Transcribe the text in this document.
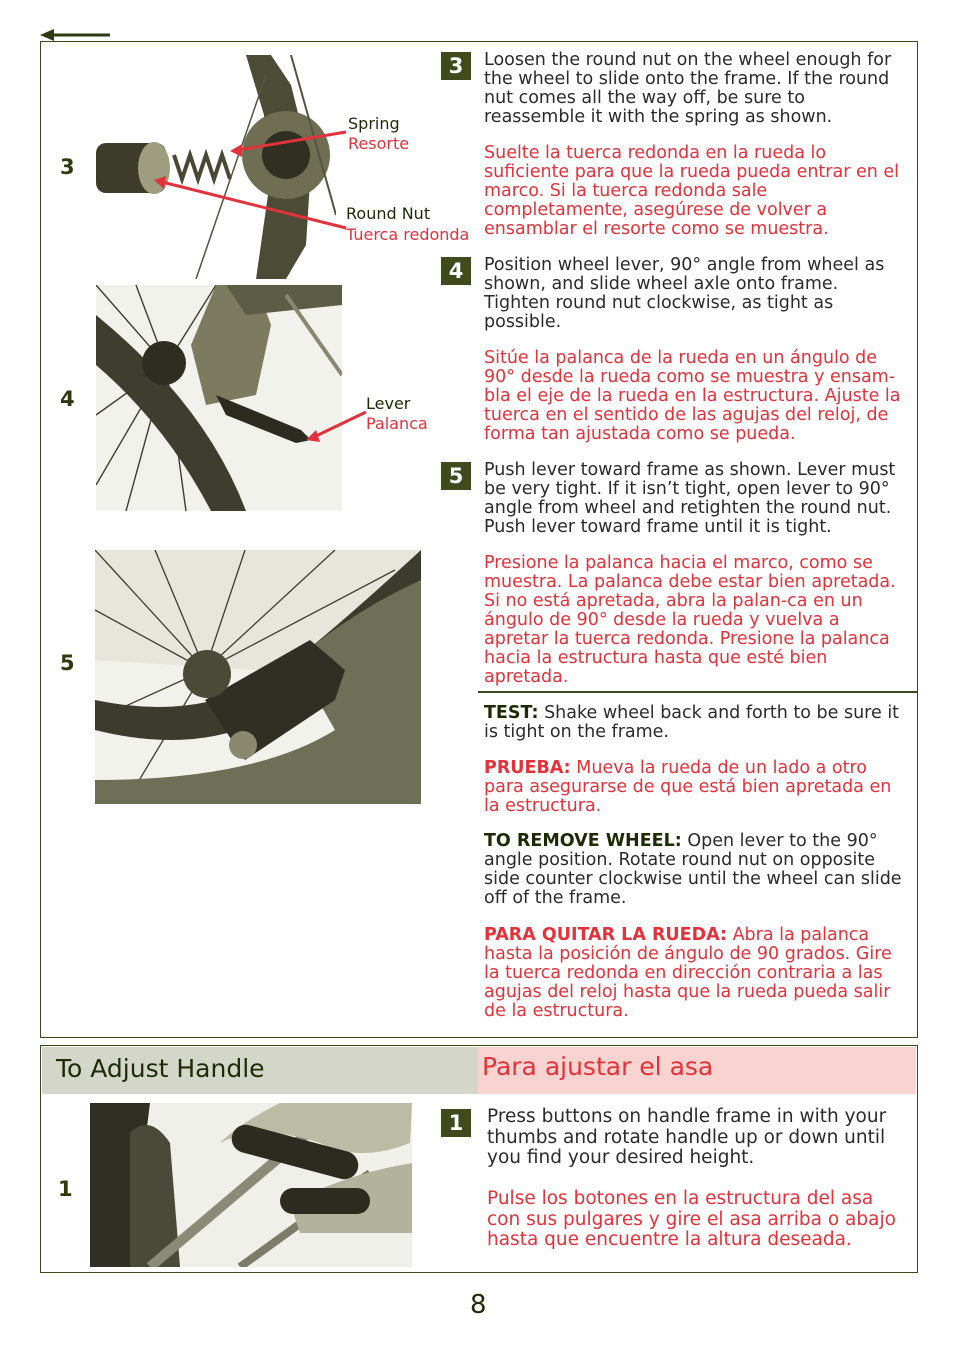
3
4
5
Spring
Resorte
Round Nut
Tuerca redonda
Lever
Palanca
3
4
5
Loosen the round nut on the wheel enough for the wheel to slide onto the frame. If the round nut comes all the way off, be sure to reassemble it with the spring as shown.
Suelte la tuerca redonda en la rueda lo suficiente para que la rueda pueda entrar en el marco. Si la tuerca redonda sale completamente, asegúrese de volver a ensamblar el resorte como se muestra.
Position wheel lever, 90° angle from wheel as shown, and slide wheel axle onto frame. Tighten round nut clockwise, as tight as possible.
Sitúe la palanca de la rueda en un ángulo de 90° desde la rueda como se muestra y ensam-bla el eje de la rueda en la estructura. Ajuste la tuerca en el sentido de las agujas del reloj, de forma tan ajustada como se pueda.
Push lever toward frame as shown. Lever must be very tight. If it isn’t tight, open lever to 90° angle from wheel and retighten the round nut. Push lever toward frame until it is tight.
Presione la palanca hacia el marco, como se muestra. La palanca debe estar bien apretada. Si no está apretada, abra la palan-ca en un ángulo de 90° desde la rueda y vuelva a apretar la tuerca redonda. Presione la palanca hacia la estructura hasta que esté bien apretada.
TEST: Shake wheel back and forth to be sure it is tight on the frame.
PRUEBA: Mueva la rueda de un lado a otro para asegurarse de que está bien apretada en la estructura.
TO REMOVE WHEEL: Open lever to the 90° angle position. Rotate round nut on opposite side counter clockwise until the wheel can slide off of the frame.
PARA QUITAR LA RUEDA: Abra la palanca hasta la posición de ángulo de 90 grados. Gire la tuerca redonda en dirección contraria a las agujas del reloj hasta que la rueda pueda salir de la estructura.
To Adjust Handle	Para ajustar el asa
1
1	Press buttons on handle frame in with your thumbs and rotate handle up or down until you find your desired height.
Pulse los botones en la estructura del asa con sus pulgares y gire el asa arriba o abajo hasta que encuentre la altura deseada.
8
